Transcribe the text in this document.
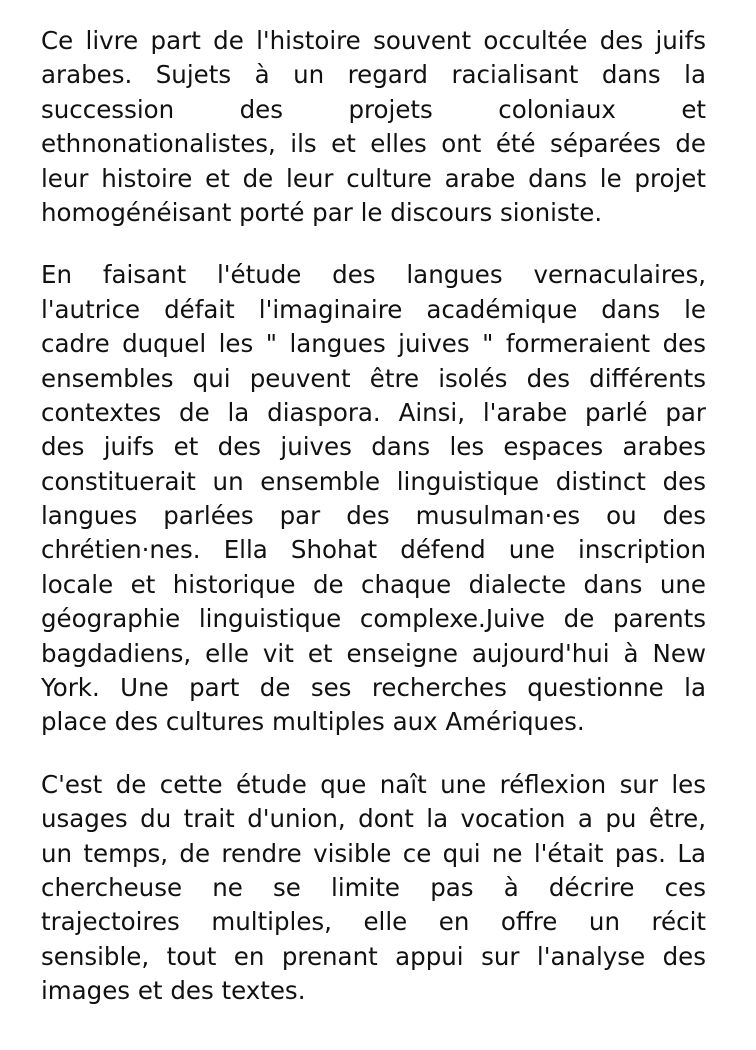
Ce livre part de l'histoire souvent occultée des juifs
arabes. Sujets à un regard racialisant dans la
succession des projets coloniaux et
ethnonationalistes, ils et elles ont été séparées de
leur histoire et de leur culture arabe dans le projet
homogénéisant porté par le discours sioniste.

En faisant l'étude des langues vernaculaires,
l'autrice défait l'imaginaire académique dans le
cadre duquel les " langues juives " formeraient des
ensembles qui peuvent être isolés des différents
contextes de la diaspora. Ainsi, l'arabe parlé par
des juifs et des juives dans les espaces arabes
constituerait un ensemble linguistique distinct des
langues parlées par des musulman·es ou des
chrétien·nes. Ella Shohat défend une inscription
locale et historique de chaque dialecte dans une
géographie linguistique complexe.Juive de parents
bagdadiens, elle vit et enseigne aujourd'hui à New
York. Une part de ses recherches questionne la
place des cultures multiples aux Amériques.

C'est de cette étude que naît une réflexion sur les
usages du trait d'union, dont la vocation a pu être,
un temps, de rendre visible ce qui ne l'était pas. La
chercheuse ne se limite pas à décrire ces
trajectoires multiples, elle en offre un récit
sensible, tout en prenant appui sur l'analyse des
images et des textes.
